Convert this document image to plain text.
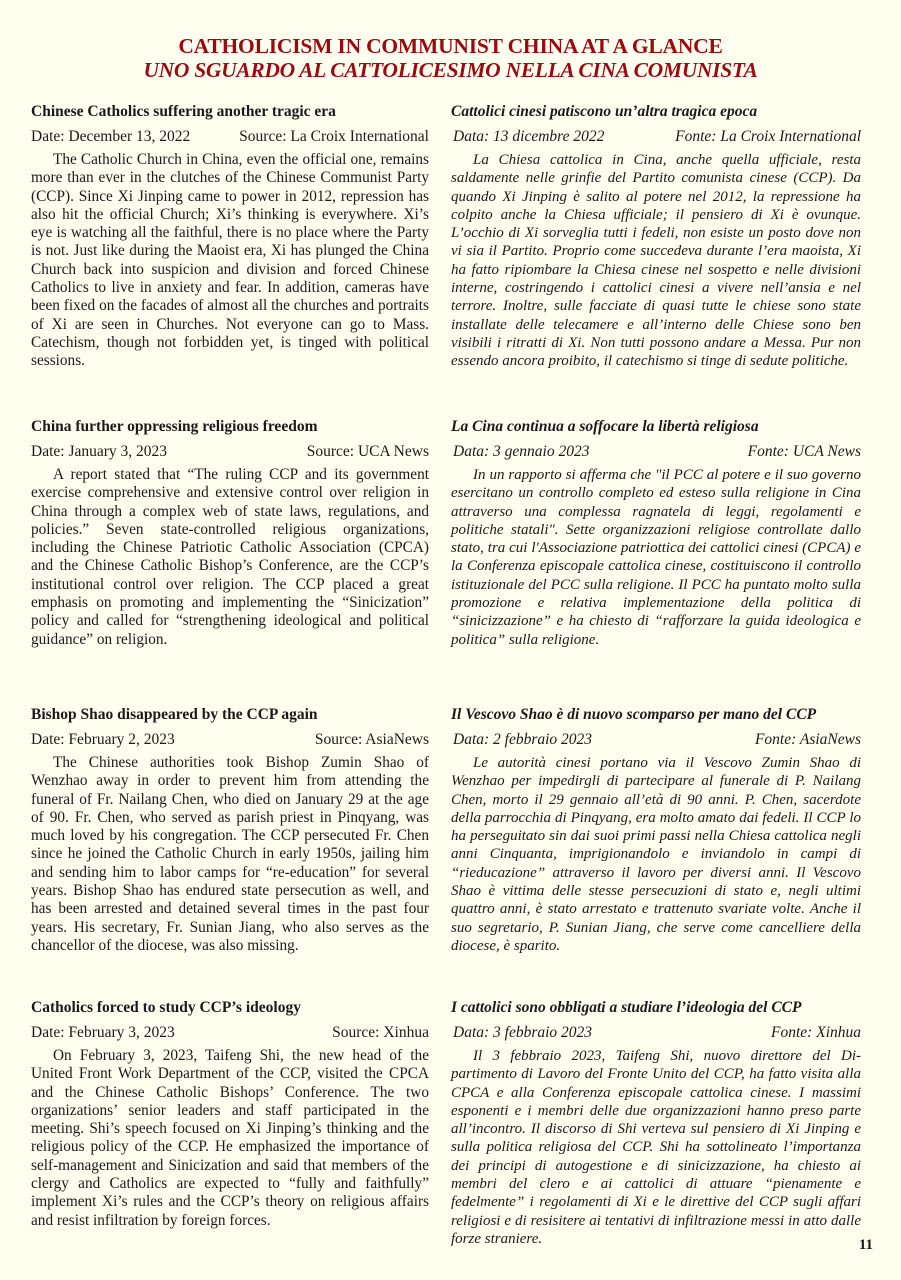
CATHOLICISM IN COMMUNIST CHINA AT A GLANCE
UNO SGUARDO AL CATTOLICESIMO NELLA CINA COMUNISTA
Chinese Catholics suffering another tragic era
Date: December 13, 2022	Source: La Croix International
The Catholic Church in China, even the official one, remains more than ever in the clutches of the Chinese Communist Party (CCP). Since Xi Jinping came to power in 2012, repression has also hit the official Church; Xi’s thinking is everywhere. Xi’s eye is watching all the faithful, there is no place where the Party is not. Just like during the Maoist era, Xi has plunged the China Church back into suspicion and division and forced Chinese Catholics to live in anxiety and fear. In addition, cameras have been fixed on the facades of almost all the churches and portraits of Xi are seen in Churches. Not everyone can go to Mass. Catechism, though not forbidden yet, is tinged with political sessions.
China further oppressing religious freedom
Date: January 3, 2023	Source: UCA News
A report stated that “The ruling CCP and its government exercise comprehensive and extensive control over religion in China through a complex web of state laws, regulations, and policies.” Seven state-controlled religious organizations, including the Chinese Patriotic Catholic Association (CPCA) and the Chinese Catholic Bishop’s Conference, are the CCP’s institutional control over religion. The CCP placed a great emphasis on promoting and implementing the “Sinicization” policy and called for “strengthening ideological and political guidance” on religion.
Bishop Shao disappeared by the CCP again
Date: February 2, 2023	Source: AsiaNews
The Chinese authorities took Bishop Zumin Shao of Wenzhao away in order to prevent him from attending the funeral of Fr. Nailang Chen, who died on January 29 at the age of 90. Fr. Chen, who served as parish priest in Pinqyang, was much loved by his congregation. The CCP persecuted Fr. Chen since he joined the Catholic Church in early 1950s, jailing him and sending him to labor camps for “re-education” for several years. Bishop Shao has endured state persecution as well, and has been arrested and detained several times in the past four years. His secretary, Fr. Sunian Jiang, who also serves as the chancellor of the diocese, was also missing.
Catholics forced to study CCP’s ideology
Date: February 3, 2023	Source: Xinhua
On February 3, 2023, Taifeng Shi, the new head of the United Front Work Department of the CCP, visited the CPCA and the Chinese Catholic Bishops’ Conference. The two organizations’ senior leaders and staff participated in the meeting. Shi’s speech focused on Xi Jinping’s thinking and the religious policy of the CCP. He emphasized the importance of self-management and Sinicization and said that members of the clergy and Catholics are expected to “fully and faithfully” implement Xi’s rules and the CCP’s theory on religious affairs and resist infiltration by foreign forces.
Cattolici cinesi patiscono un’altra tragica epoca
Data: 13 dicembre 2022	Fonte: La Croix International
La Chiesa cattolica in Cina, anche quella ufficiale, resta saldamente nelle grinfie del Partito comunista cinese (CCP). Da quando Xi Jinping è salito al potere nel 2012, la repressione ha colpito anche la Chiesa ufficiale; il pensiero di Xi è ovunque. L’occhio di Xi sorveglia tutti i fedeli, non esiste un posto dove non vi sia il Partito. Proprio come succedeva durante l’era maoista, Xi ha fatto ripiombare la Chiesa cinese nel sospetto e nelle divisioni interne, costringendo i cattolici cinesi a vivere nell’ansia e nel terrore. Inoltre, sulle facciate di quasi tutte le chiese sono state installate delle telecamere e all’interno delle Chiese sono ben visibili i ritratti di Xi. Non tutti possono andare a Messa. Pur non essendo ancora proibito, il catechismo si tinge di sedute politiche.
La Cina continua a soffocare la libertà religiosa
Data: 3 gennaio 2023	Fonte: UCA News
In un rapporto si afferma che "il PCC al potere e il suo governo esercitano un controllo completo ed esteso sulla religione in Cina attraverso una complessa ragnatela di leggi, regolamenti e politiche statali". Sette organizzazioni religiose controllate dallo stato, tra cui l'Associazione patriottica dei cattolici cinesi (CPCA) e la Conferenza episcopale cattolica cinese, costituiscono il controllo istituzionale del PCC sulla religione. Il PCC ha puntato molto sulla promozione e relativa implementazione della politica di “sinicizzazione” e ha chiesto di “rafforzare la guida ideologica e politica” sulla religione.
Il Vescovo Shao è di nuovo scomparso per mano del CCP
Data: 2 febbraio 2023	Fonte: AsiaNews
Le autorità cinesi portano via il Vescovo Zumin Shao di Wenzhao per impedirgli di partecipare al funerale di P. Nailang Chen, morto il 29 gennaio all’età di 90 anni. P. Chen, sacerdote della parrocchia di Pinqyang, era molto amato dai fedeli. Il CCP lo ha perseguitato sin dai suoi primi passi nella Chiesa cattolica negli anni Cinquanta, imprigionandolo e inviandolo in campi di “rieducazione” attraverso il lavoro per diversi anni. Il Vescovo Shao è vittima delle stesse persecuzioni di stato e, negli ultimi quattro anni, è stato arrestato e trattenuto svariate volte. Anche il suo segretario, P. Sunian Jiang, che serve come cancelliere della diocese, è sparito.
I cattolici sono obbligati a studiare l’ideologia del CCP
Data: 3 febbraio 2023	Fonte: Xinhua
Il 3 febbraio 2023, Taifeng Shi, nuovo direttore del Dipartimento di Lavoro del Fronte Unito del CCP, ha fatto visita alla CPCA e alla Conferenza episcopale cattolica cinese. I massimi esponenti e i membri delle due organizzazioni hanno preso parte all’incontro. Il discorso di Shi verteva sul pensiero di Xi Jinping e sulla politica religiosa del CCP. Shi ha sottolineato l’importanza dei principi di autogestione e di sinicizzazione, ha chiesto ai membri del clero e ai cattolici di attuare “pienamente e fedelmente” i regolamenti di Xi e le direttive del CCP sugli affari religiosi e di resisitere ai tentativi di infiltrazione messi in atto dalle forze straniere.	11
